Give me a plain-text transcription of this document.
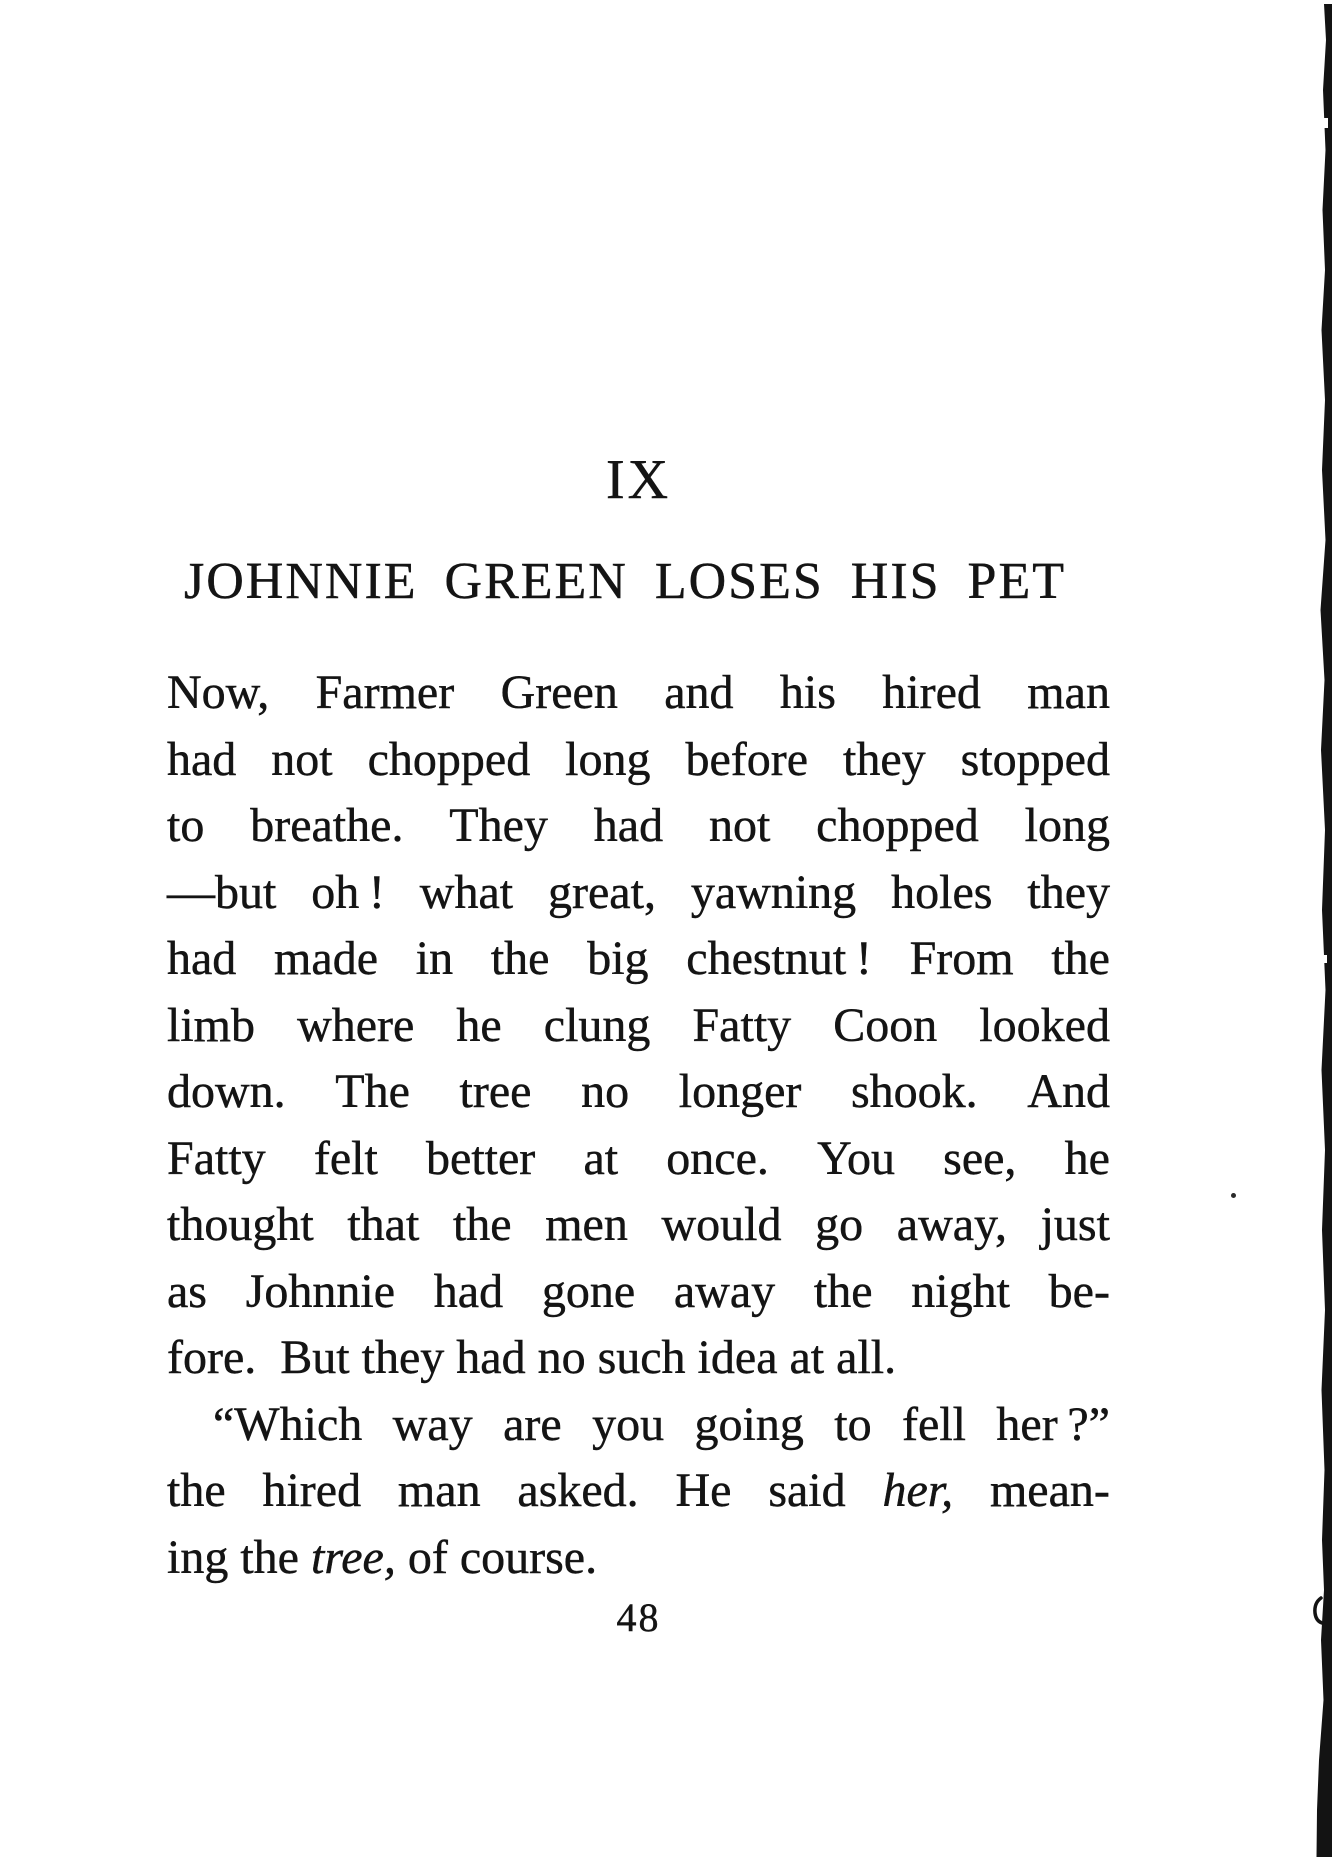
IX
JOHNNIE GREEN LOSES HIS PET
Now, Farmer Green and his hired man
had not chopped long before they stopped
to breathe. They had not chopped long
—but oh ! what great, yawning holes they
had made in the big chestnut ! From the
limb where he clung Fatty Coon looked
down. The tree no longer shook. And
Fatty felt better at once. You see, he
thought that the men would go away, just
as Johnnie had gone away the night be-
fore.  But they had no such idea at all.
“Which way are you going to fell her ?”
the hired man asked. He said her, mean-
ing the tree, of course.
48
